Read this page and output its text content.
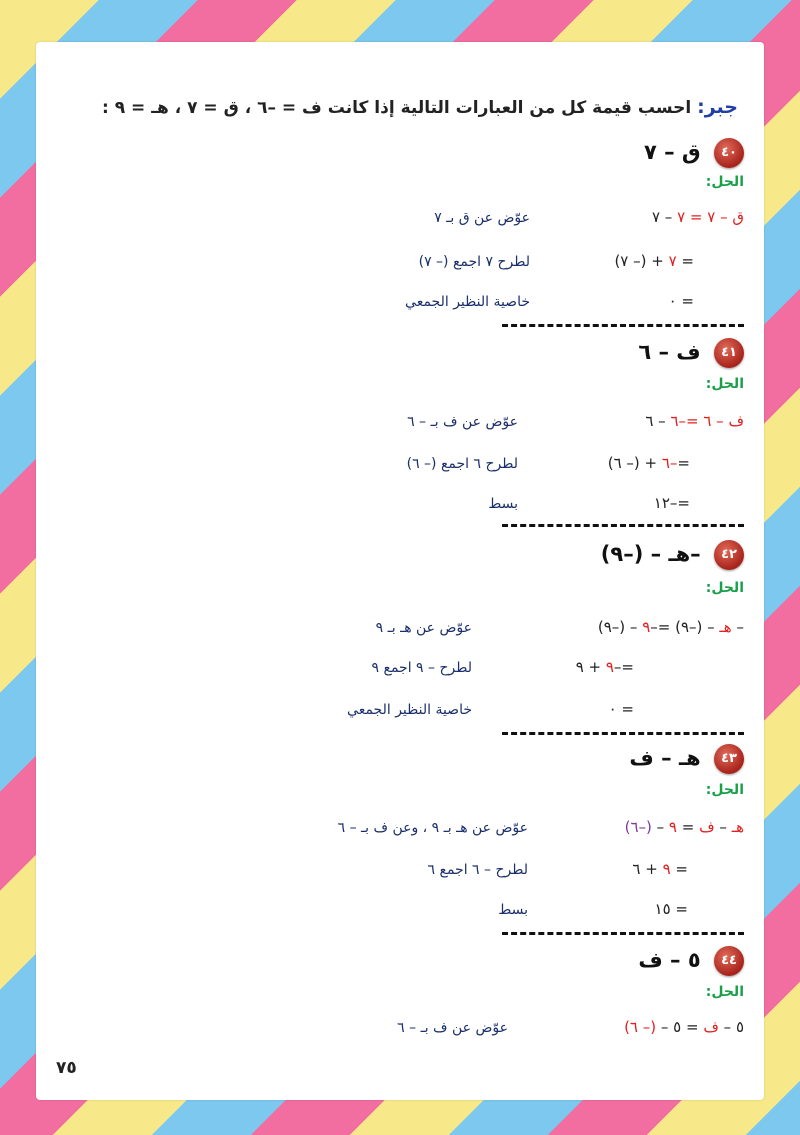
جبر: احسب قيمة كل من العبارات التالية إذا كانت ف = –٦ ، ق = ٧ ، هـ = ٩ :
٤٠ ق – ٧
الحل:
ق – ٧ = ٧ – ٧
عوّض عن ق بـ ٧
= ٧ + (– ٧)
لطرح ٧ اجمع (– ٧)
= ٠
خاصية النظير الجمعي
٤١ ف – ٦
الحل:
ف – ٦ =–٦ – ٦
عوّض عن ف بـ – ٦
=–٦ + (– ٦)
لطرح ٦ اجمع (– ٦)
=–١٢
بسط
٤٢ –هـ – (–٩)
الحل:
– هـ – (–٩) =–٩ – (–٩)
عوّض عن هـ بـ ٩
=–٩ + ٩
لطرح – ٩ اجمع ٩
= ٠
خاصية النظير الجمعي
٤٣ هـ – ف
الحل:
هـ – ف = ٩ – (–٦)
عوّض عن هـ بـ ٩ ، وعن ف بـ – ٦
= ٩ + ٦
لطرح – ٦ اجمع ٦
= ١٥
بسط
٤٤ ٥ – ف
الحل:
٥ – ف = ٥ – (– ٦)
عوّض عن ف بـ – ٦
٧٥
